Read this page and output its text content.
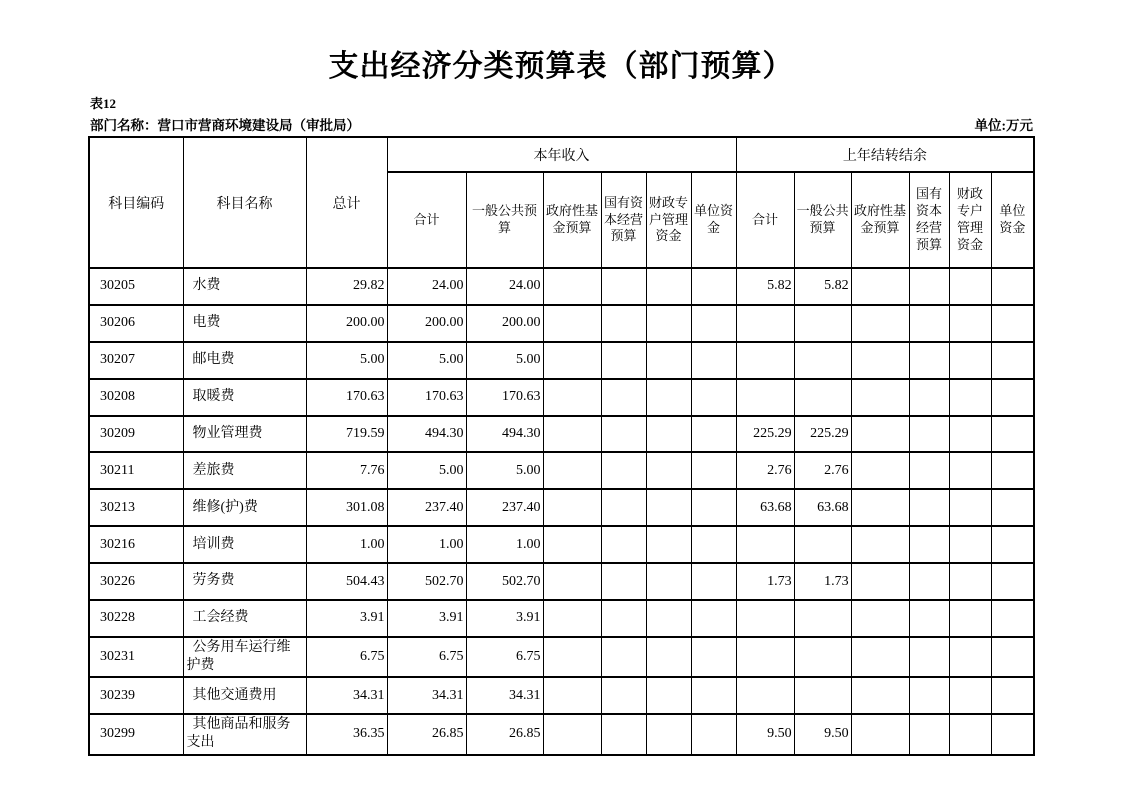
支出经济分类预算表（部门预算）
表12
部门名称：营口市营商环境建设局（审批局）	单位:万元
科目编码	科目名称	总计	本年收入						上年结转结余					
			合计	一般公共预算	政府性基金预算	国有资本经营预算	财政专户管理资金	单位资金	合计	一般公共预算	政府性基金预算	国有资本经营预算	财政专户管理资金	单位资金
30205	水费	29.82	24.00	24.00					5.82	5.82				
30206	电费	200.00	200.00	200.00										
30207	邮电费	5.00	5.00	5.00										
30208	取暖费	170.63	170.63	170.63										
30209	物业管理费	719.59	494.30	494.30					225.29	225.29				
30211	差旅费	7.76	5.00	5.00					2.76	2.76				
30213	维修(护)费	301.08	237.40	237.40					63.68	63.68				
30216	培训费	1.00	1.00	1.00										
30226	劳务费	504.43	502.70	502.70					1.73	1.73				
30228	工会经费	3.91	3.91	3.91										
30231	公务用车运行维护费	6.75	6.75	6.75										
30239	其他交通费用	34.31	34.31	34.31										
30299	其他商品和服务支出	36.35	26.85	26.85					9.50	9.50				
